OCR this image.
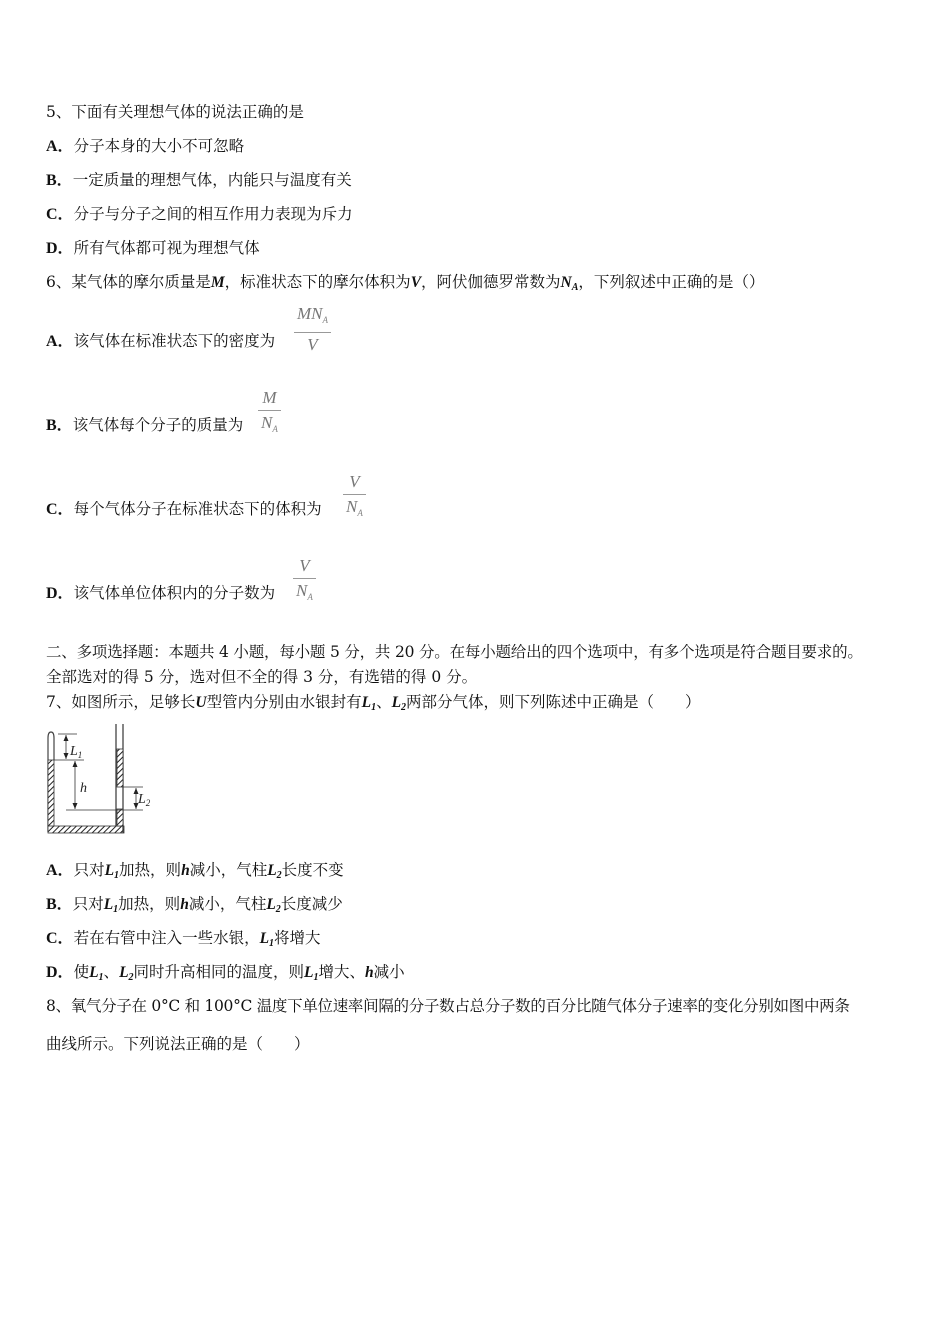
5、下面有关理想气体的说法正确的是
A．分子本身的大小不可忽略
B．一定质量的理想气体，内能只与温度有关
C．分子与分子之间的相互作用力表现为斥力
D．所有气体都可视为理想气体
6、某气体的摩尔质量是M，标准状态下的摩尔体积为V，阿伏伽德罗常数为$N_A$，下列叙述中正确的是（）
A．该气体在标准状态下的密度为
$MN_A$
V
B．该气体每个分子的质量为
M
$N_A$
C．每个气体分子在标准状态下的体积为
V
$N_A$
D．该气体单位体积内的分子数为
V
$N_A$
二、多项选择题：本题共 4 小题，每小题 5 分，共 20 分。在每小题给出的四个选项中，有多个选项是符合题目要求的。
全部选对的得 5 分，选对但不全的得 3 分，有选错的得 0 分。
7、如图所示，足够长U型管内分别由水银封有$L_1$、$L_2$两部分气体，则下列陈述中正确是（　　）
$L_1$
h
$L_2$
A．只对$L_1$加热，则h减小，气柱$L_2$长度不变
B．只对$L_1$加热，则h减小，气柱$L_2$长度减少
C．若在右管中注入一些水银，$L_1$将增大
D．使$L_1$、$L_2$同时升高相同的温度，则$L_1$增大、h减小
8、氧气分子在 0°C 和 100°C 温度下单位速率间隔的分子数占总分子数的百分比随气体分子速率的变化分别如图中两条
曲线所示。下列说法正确的是（　　）
